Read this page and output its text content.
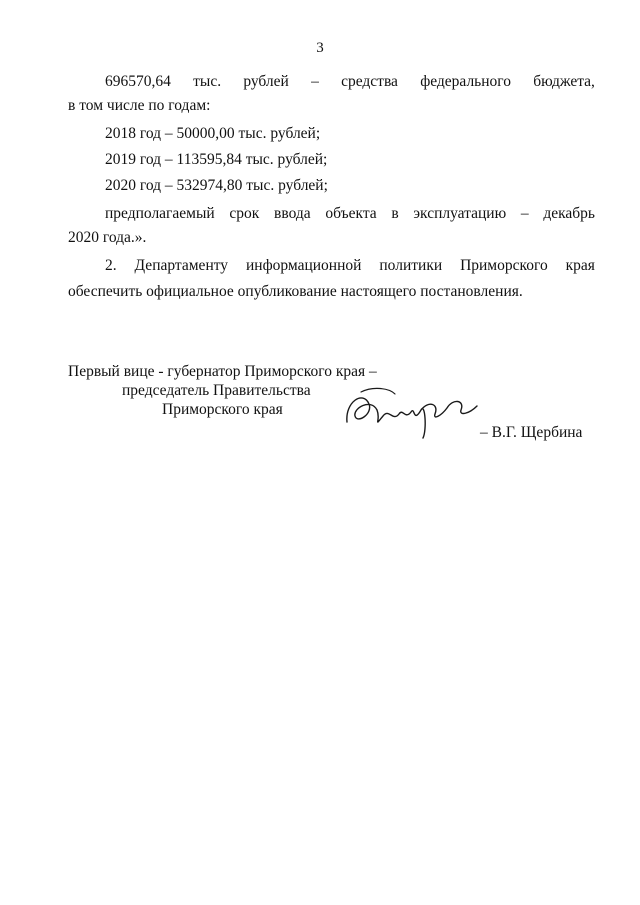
3
696570,64 тыс. рублей – средства федерального бюджета,
в том числе по годам:
2018 год – 50000,00 тыс. рублей;
2019 год – 113595,84 тыс. рублей;
2020 год – 532974,80 тыс. рублей;
предполагаемый срок ввода объекта в эксплуатацию – декабрь
2020 года.».
2. Департаменту информационной политики Приморского края
обеспечить официальное опубликование настоящего постановления.
Первый вице - губернатор Приморского края –
председатель Правительства
Приморского края
– В.Г. Щербина
